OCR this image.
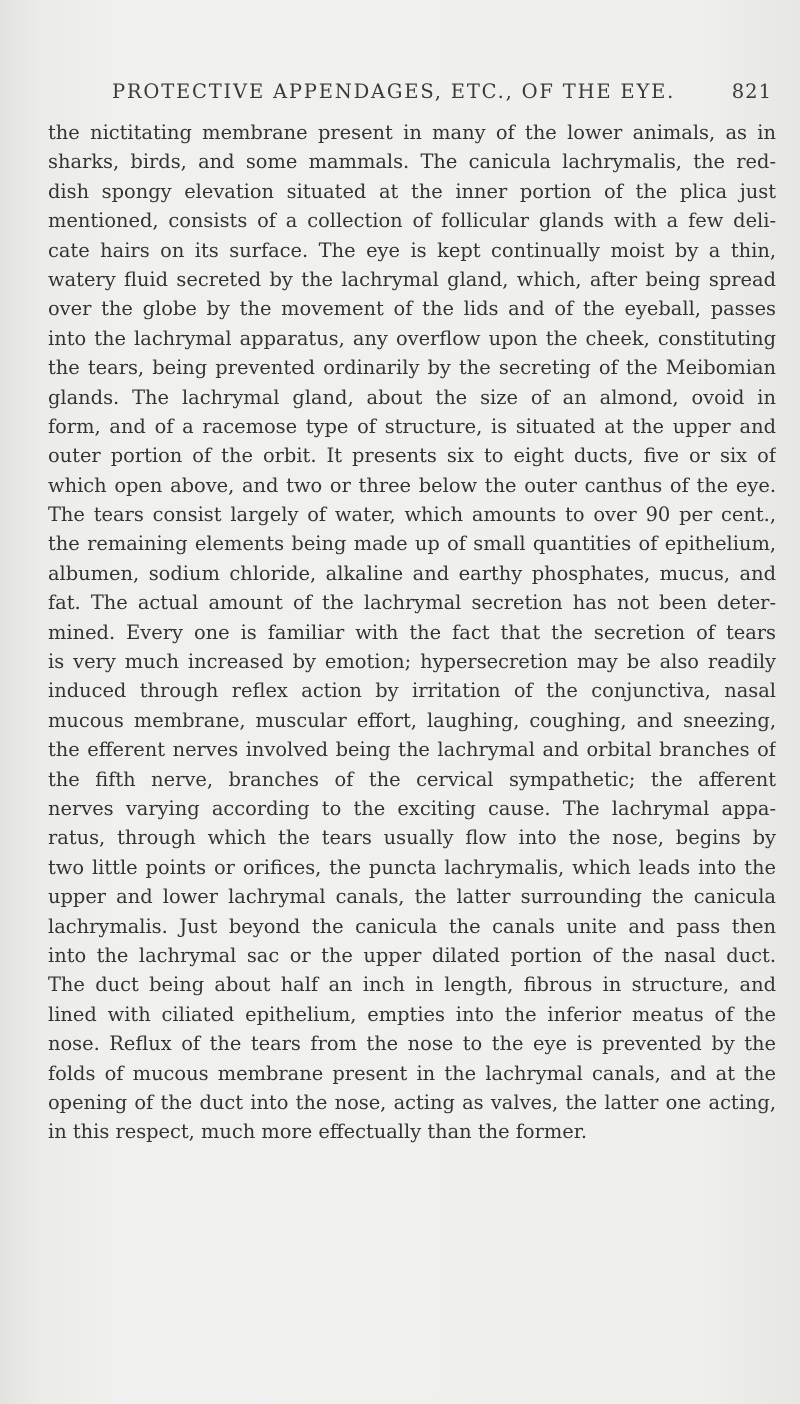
PROTECTIVE APPENDAGES, ETC., OF THE EYE.	821
the nictitating membrane present in many of the lower animals, as in
sharks, birds, and some mammals. The canicula lachrymalis, the red-
dish spongy elevation situated at the inner portion of the plica just
mentioned, consists of a collection of follicular glands with a few deli-
cate hairs on its surface. The eye is kept continually moist by a thin,
watery fluid secreted by the lachrymal gland, which, after being spread
over the globe by the movement of the lids and of the eyeball, passes
into the lachrymal apparatus, any overflow upon the cheek, constituting
the tears, being prevented ordinarily by the secreting of the Meibomian
glands. The lachrymal gland, about the size of an almond, ovoid in
form, and of a racemose type of structure, is situated at the upper and
outer portion of the orbit. It presents six to eight ducts, five or six of
which open above, and two or three below the outer canthus of the eye.
The tears consist largely of water, which amounts to over 90 per cent.,
the remaining elements being made up of small quantities of epithelium,
albumen, sodium chloride, alkaline and earthy phosphates, mucus, and
fat. The actual amount of the lachrymal secretion has not been deter-
mined. Every one is familiar with the fact that the secretion of tears
is very much increased by emotion; hypersecretion may be also readily
induced through reflex action by irritation of the conjunctiva, nasal
mucous membrane, muscular effort, laughing, coughing, and sneezing,
the efferent nerves involved being the lachrymal and orbital branches of
the fifth nerve, branches of the cervical sympathetic; the afferent
nerves varying according to the exciting cause. The lachrymal appa-
ratus, through which the tears usually flow into the nose, begins by
two little points or orifices, the puncta lachrymalis, which leads into the
upper and lower lachrymal canals, the latter surrounding the canicula
lachrymalis. Just beyond the canicula the canals unite and pass then
into the lachrymal sac or the upper dilated portion of the nasal duct.
The duct being about half an inch in length, fibrous in structure, and
lined with ciliated epithelium, empties into the inferior meatus of the
nose. Reflux of the tears from the nose to the eye is prevented by the
folds of mucous membrane present in the lachrymal canals, and at the
opening of the duct into the nose, acting as valves, the latter one acting,
in this respect, much more effectually than the former.
